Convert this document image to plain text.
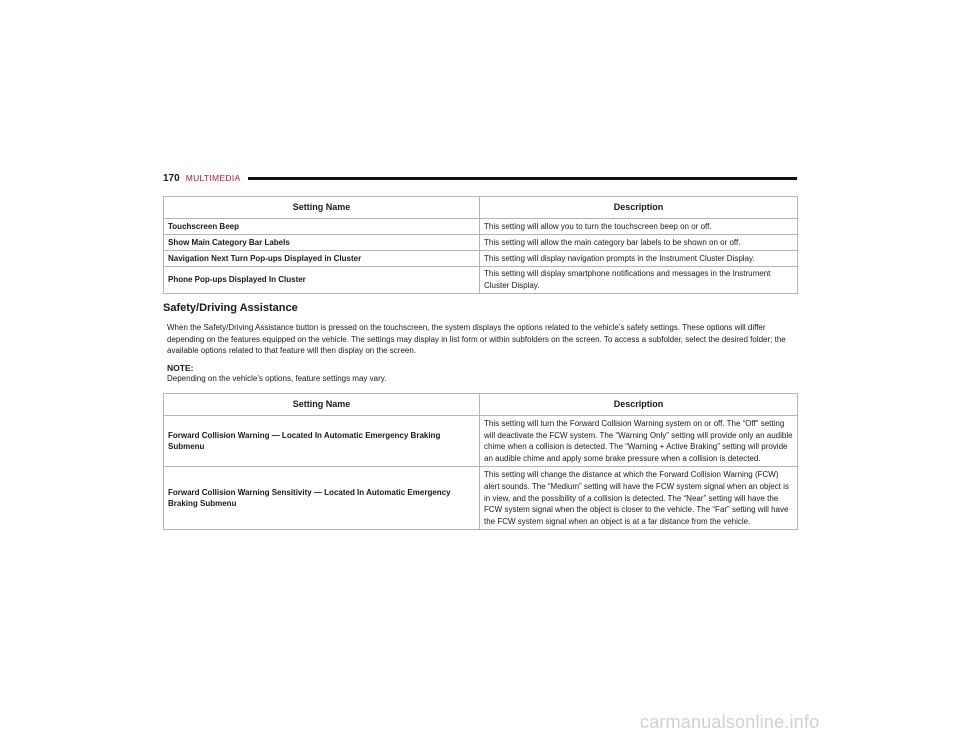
170 MULTIMEDIA
Setting Name	Description
Touchscreen Beep	This setting will allow you to turn the touchscreen beep on or off.
Show Main Category Bar Labels	This setting will allow the main category bar labels to be shown on or off.
Navigation Next Turn Pop-ups Displayed in Cluster	This setting will display navigation prompts in the Instrument Cluster Display.
Phone Pop-ups Displayed In Cluster	This setting will display smartphone notifications and messages in the Instrument Cluster Display.
Safety/Driving Assistance
When the Safety/Driving Assistance button is pressed on the touchscreen, the system displays the options related to the vehicle’s safety settings. These options will differ depending on the features equipped on the vehicle. The settings may display in list form or within subfolders on the screen. To access a subfolder, select the desired folder; the available options related to that feature will then display on the screen.
NOTE:
Depending on the vehicle’s options, feature settings may vary.
Setting Name	Description
Forward Collision Warning — Located In Automatic Emergency Braking Submenu	This setting will turn the Forward Collision Warning system on or off. The “Off” setting will deactivate the FCW system. The “Warning Only” setting will provide only an audible chime when a collision is detected. The “Warning + Active Braking” setting will provide an audible chime and apply some brake pressure when a collision is detected.
Forward Collision Warning Sensitivity — Located In Automatic Emergency Braking Submenu	This setting will change the distance at which the Forward Collision Warning (FCW) alert sounds. The “Medium” setting will have the FCW system signal when an object is in view, and the possibility of a collision is detected. The “Near” setting will have the FCW system signal when the object is closer to the vehicle. The “Far” setting will have the FCW system signal when an object is at a far distance from the vehicle.
carmanualsonline.info
